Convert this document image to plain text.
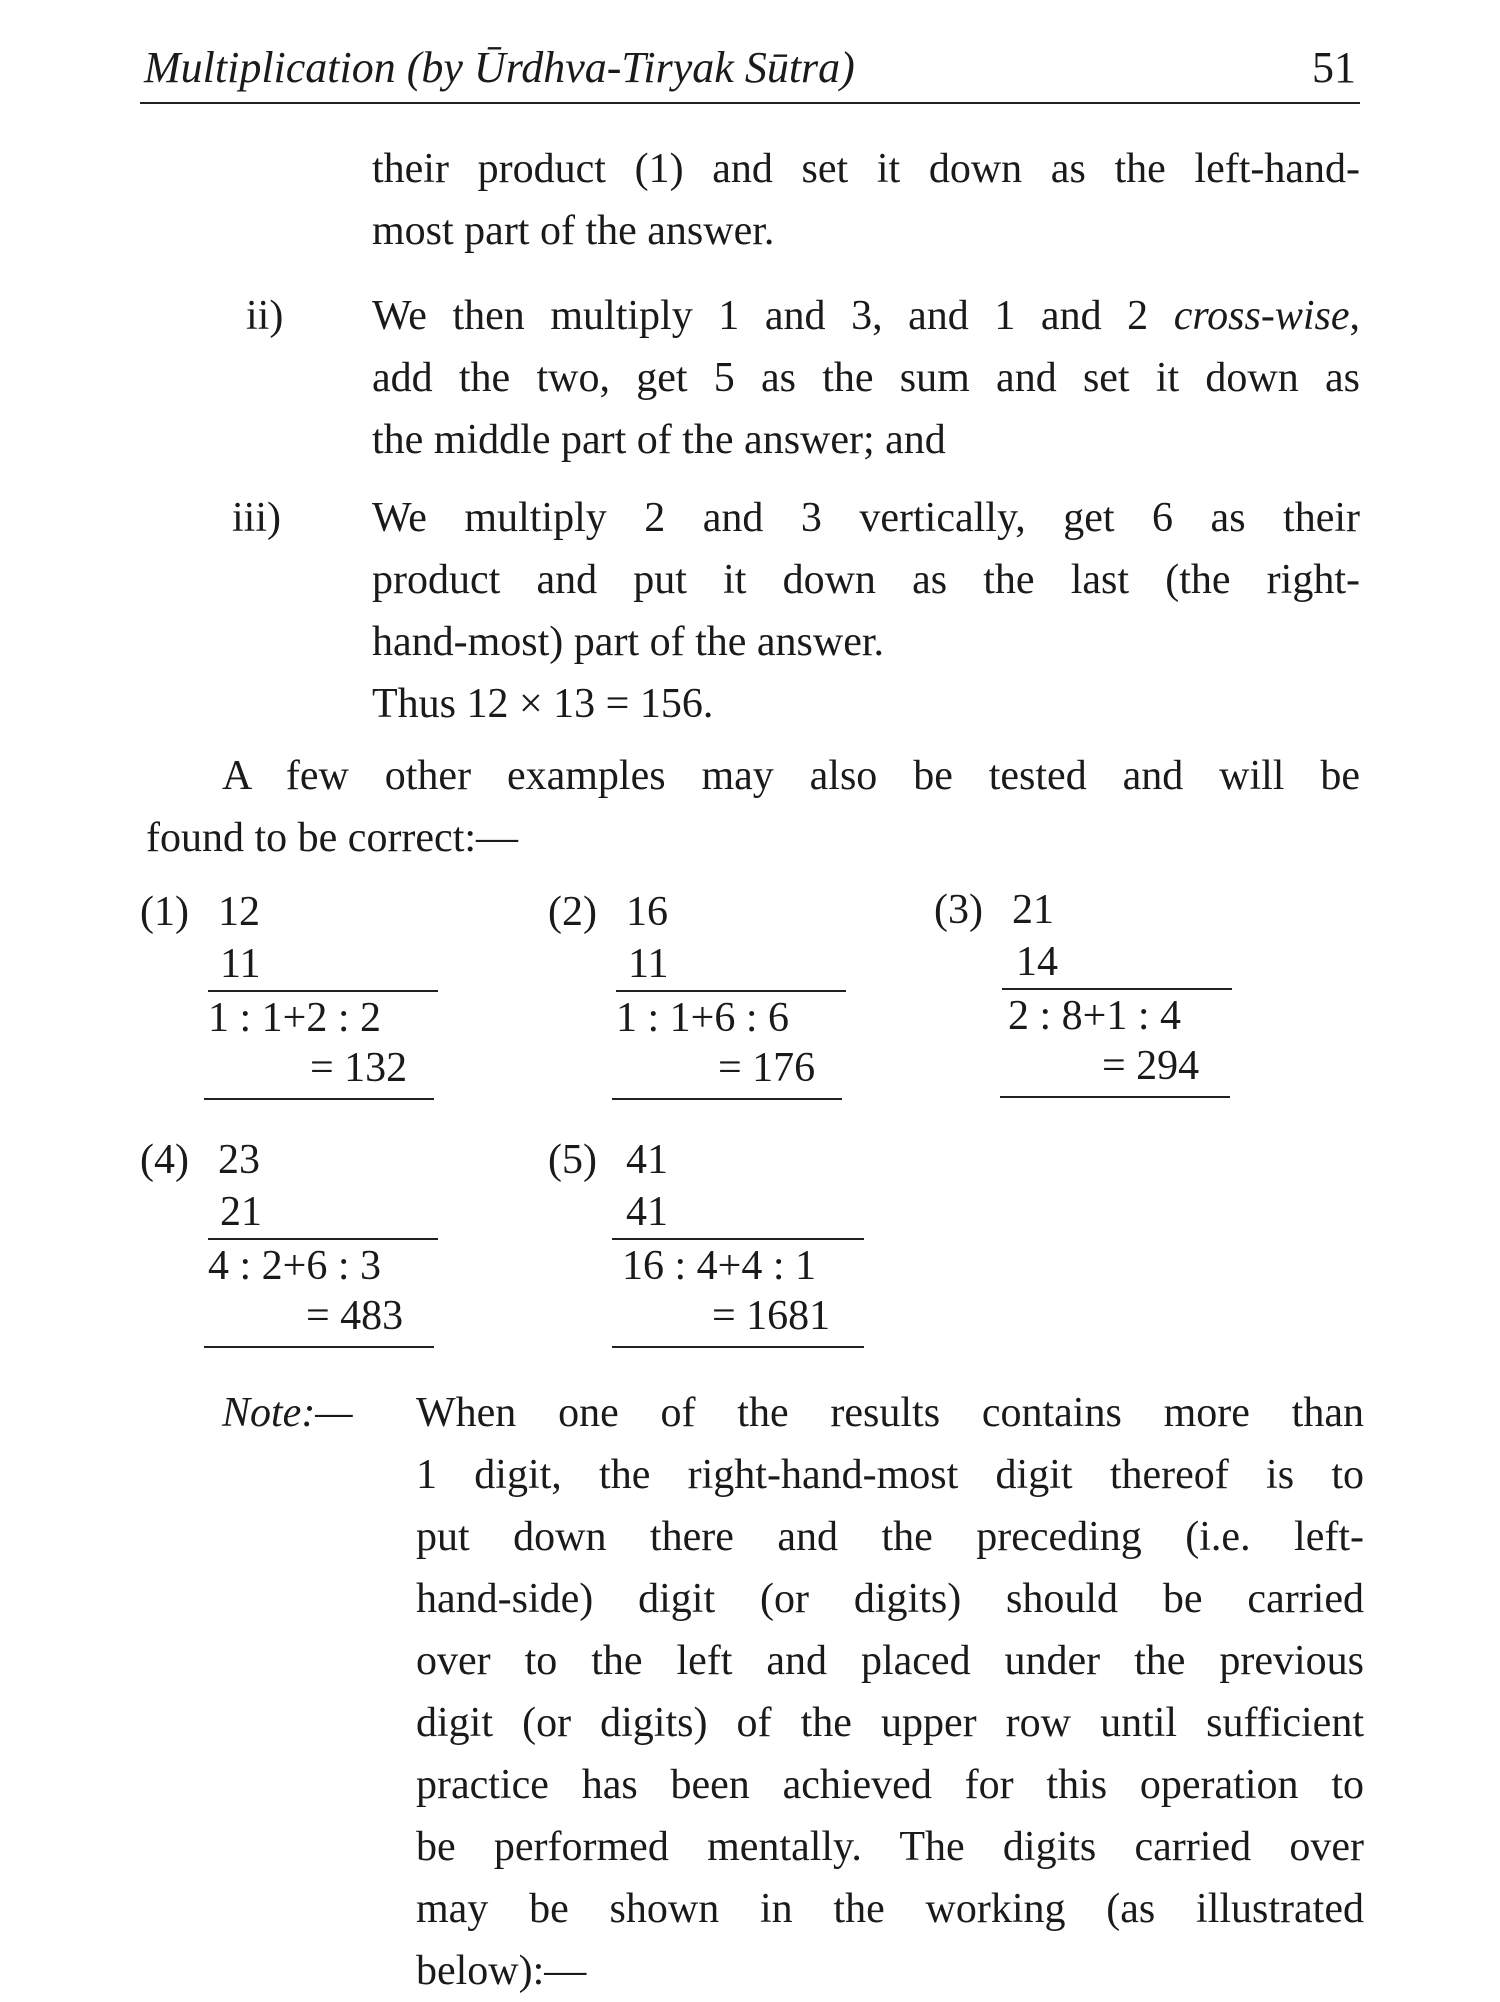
Multiplication (by Ūrdhva-Tiryak Sūtra)	51
their product (1) and set it down as the left-hand-
most part of the answer.
ii) We then multiply 1 and 3, and 1 and 2 cross-wise,
add the two, get 5 as the sum and set it down as
the middle part of the answer; and
iii) We multiply 2 and 3 vertically, get 6 as their
product and put it down as the last (the right-
hand-most) part of the answer.
Thus 12 × 13 = 156.
A few other examples may also be tested and will be
found to be correct:—
(1) 12
11
1 : 1+2 : 2
= 132
(2) 16
11
1 : 1+6 : 6
= 176
(3) 21
14
2 : 8+1 : 4
= 294
(4) 23
21
4 : 2+6 : 3
= 483
(5) 41
41
16 : 4+4 : 1
= 1681
Note:— When one of the results contains more than
1 digit, the right-hand-most digit thereof is to
put down there and the preceding (i.e. left-
hand-side) digit (or digits) should be carried
over to the left and placed under the previous
digit (or digits) of the upper row until sufficient
practice has been achieved for this operation to
be performed mentally. The digits carried over
may be shown in the working (as illustrated
below):—
